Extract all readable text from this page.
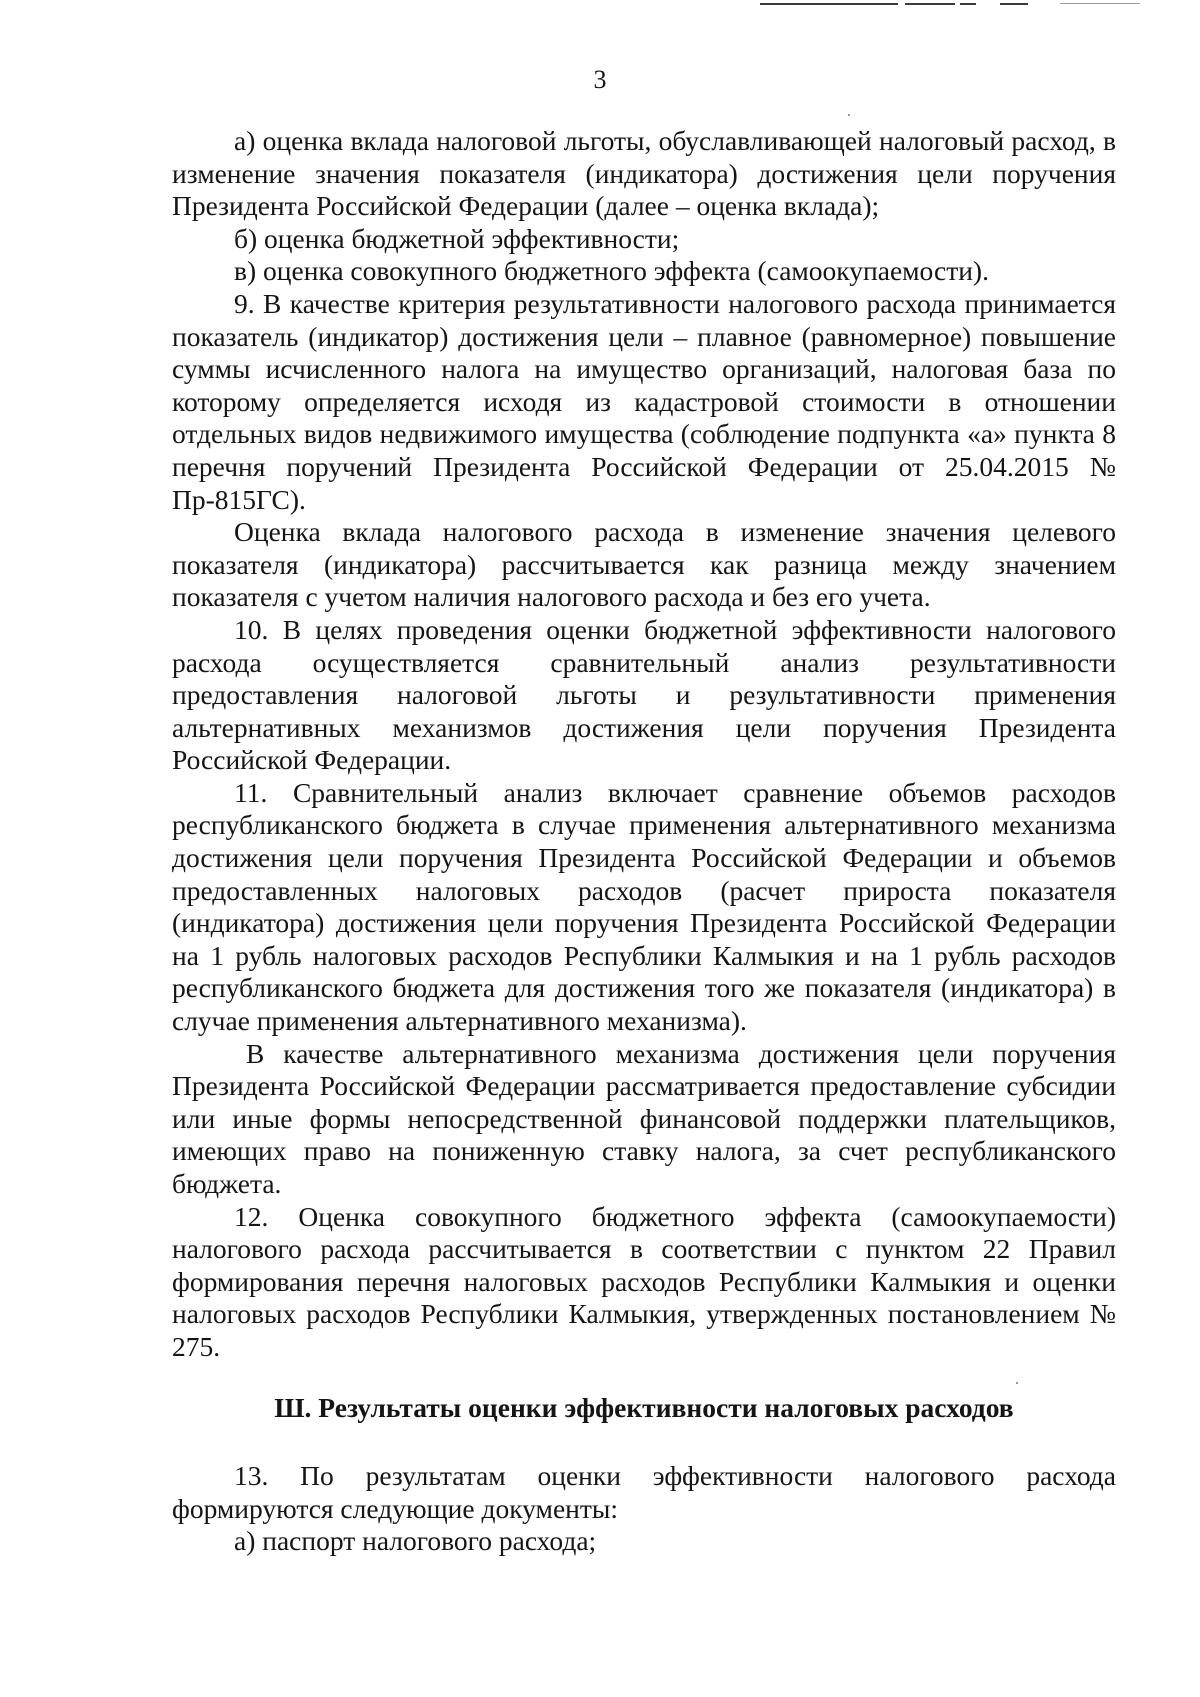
3

а) оценка вклада налоговой льготы, обуславливающей налоговый расход, в изменение значения показателя (индикатора) достижения цели поручения Президента Российской Федерации (далее – оценка вклада);

б) оценка бюджетной эффективности;

в) оценка совокупного бюджетного эффекта (самоокупаемости).

9. В качестве критерия результативности налогового расхода принимается показатель (индикатор) достижения цели – плавное (равномерное) повышение суммы исчисленного налога на имущество организаций, налоговая база по которому определяется исходя из кадастровой стоимости в отношении отдельных видов недвижимого имущества (соблюдение подпункта «а» пункта 8 перечня поручений Президента Российской Федерации от 25.04.2015 № Пр-815ГС).

Оценка вклада налогового расхода в изменение значения целевого показателя (индикатора) рассчитывается как разница между значением показателя с учетом наличия налогового расхода и без его учета.

10. В целях проведения оценки бюджетной эффективности налогового расхода осуществляется сравнительный анализ результативности предоставления налоговой льготы и результативности применения альтернативных механизмов достижения цели поручения Президента Российской Федерации.

11. Сравнительный анализ включает сравнение объемов расходов республиканского бюджета в случае применения альтернативного механизма достижения цели поручения Президента Российской Федерации и объемов предоставленных налоговых расходов (расчет прироста показателя (индикатора) достижения цели поручения Президента Российской Федерации на 1 рубль налоговых расходов Республики Калмыкия и на 1 рубль расходов республиканского бюджета для достижения того же показателя (индикатора) в случае применения альтернативного механизма).

В качестве альтернативного механизма достижения цели поручения Президента Российской Федерации рассматривается предоставление субсидии или иные формы непосредственной финансовой поддержки плательщиков, имеющих право на пониженную ставку налога, за счет республиканского бюджета.

12. Оценка совокупного бюджетного эффекта (самоокупаемости) налогового расхода рассчитывается в соответствии с пунктом 22 Правил формирования перечня налоговых расходов Республики Калмыкия и оценки налоговых расходов Республики Калмыкия, утвержденных постановлением № 275.

Ш. Результаты оценки эффективности налоговых расходов

13. По результатам оценки эффективности налогового расхода формируются следующие документы:

а) паспорт налогового расхода;
